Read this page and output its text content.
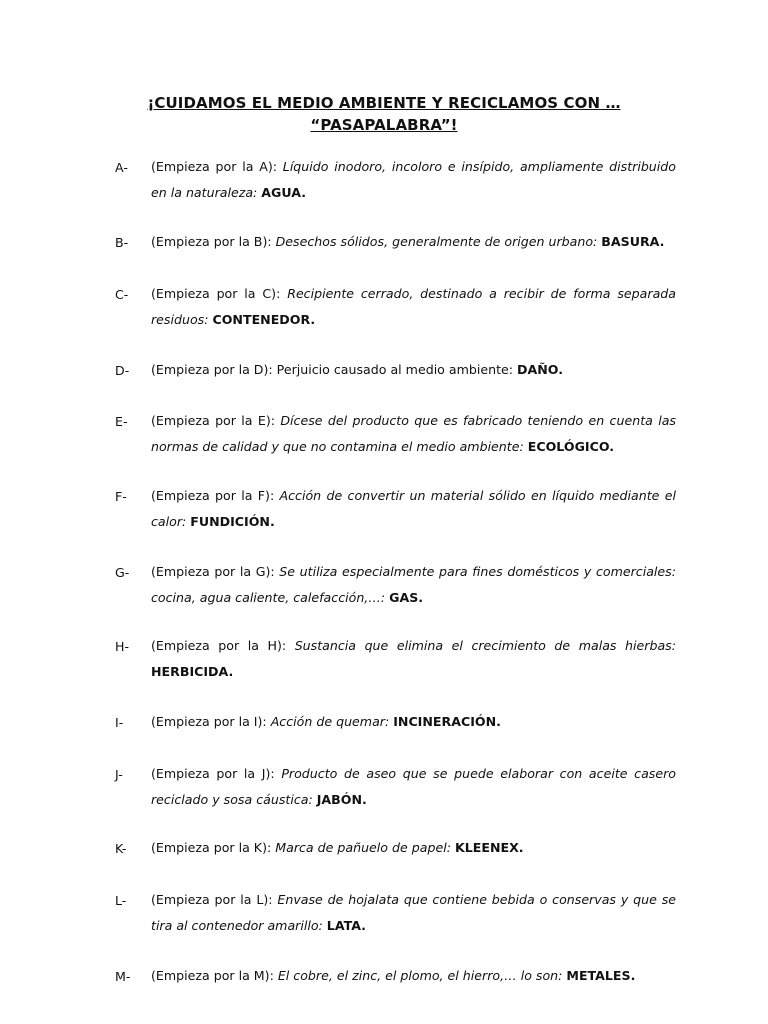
¡CUIDAMOS EL MEDIO AMBIENTE Y RECICLAMOS CON …
“PASAPALABRA”!
A- (Empieza por la A): Líquido inodoro, incoloro e insípido, ampliamente distribuido en la naturaleza: AGUA.
B- (Empieza por la B): Desechos sólidos, generalmente de origen urbano: BASURA.
C- (Empieza por la C): Recipiente cerrado, destinado a recibir de forma separada residuos: CONTENEDOR.
D- (Empieza por la D): Perjuicio causado al medio ambiente: DAÑO.
E- (Empieza por la E): Dícese del producto que es fabricado teniendo en cuenta las normas de calidad y que no contamina el medio ambiente: ECOLÓGICO.
F- (Empieza por la F): Acción de convertir un material sólido en líquido mediante el calor: FUNDICIÓN.
G- (Empieza por la G): Se utiliza especialmente para fines domésticos y comerciales: cocina, agua caliente, calefacción,…: GAS.
H- (Empieza por la H): Sustancia que elimina el crecimiento de malas hierbas: HERBICIDA.
I- (Empieza por la I): Acción de quemar: INCINERACIÓN.
J- (Empieza por la J): Producto de aseo que se puede elaborar con aceite casero reciclado y sosa cáustica: JABÓN.
K- (Empieza por la K): Marca de pañuelo de papel: KLEENEX.
L- (Empieza por la L): Envase de hojalata que contiene bebida o conservas y que se tira al contenedor amarillo: LATA.
M- (Empieza por la M): El cobre, el zinc, el plomo, el hierro,… lo son: METALES.
